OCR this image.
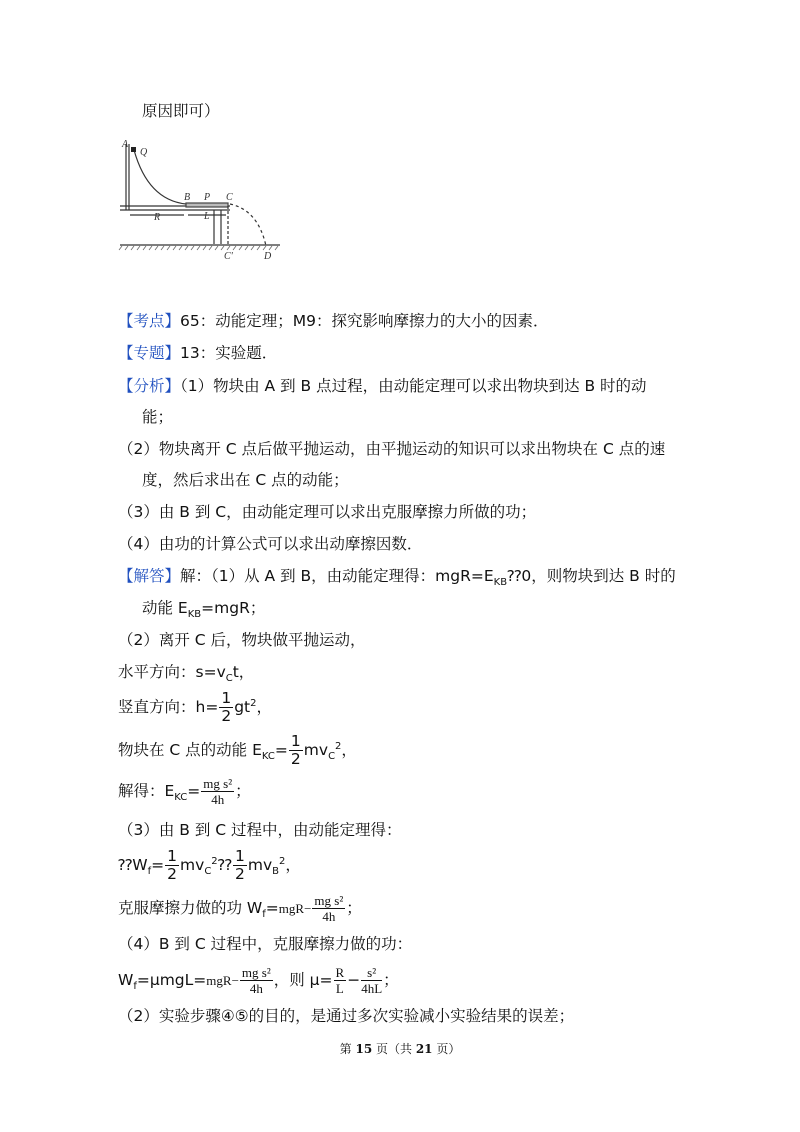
原因即可）
A
Q
B P C
R	L
C'	D
【考点】65：动能定理；M9：探究影响摩擦力的大小的因素．
【专题】13：实验题．
【分析】（1）物块由 A 到 B 点过程，由动能定理可以求出物块到达 B 时的动
能；
（2）物块离开 C 点后做平抛运动，由平抛运动的知识可以求出物块在 C 点的速
度，然后求出在 C 点的动能；
（3）由 B 到 C，由动能定理可以求出克服摩擦力所做的功；
（4）由功的计算公式可以求出动摩擦因数．
【解答】解：（1）从 A 到 B，由动能定理得：$mgR=E_{KB}⁇0$，则物块到达 B 时的
动能 $E_{KB}=mgR$；
（2）离开 C 后，物块做平抛运动，
水平方向：$s=v_Ct$，
竖直方向：$h= \frac{1}{2} gt^2$，
物块在 C 点的动能 $E_{KC}= \frac{1}{2} mv_C^2$，
解得：$E_{KC}= \frac{\text{mg s²}}{4h}$ ；
（3）由 B 到 C 过程中，由动能定理得：
$⁇W_f= \frac{1}{2}$ $mv_C^2⁇ \frac{1}{2} mv_B^2$，
克服摩擦力做的功 $W_f=mgR- \frac{\text{mg s²}}{4h}$ ；
（4）B 到 C 过程中，克服摩擦力做的功：
$W_f=\mu mgL=mgR- \frac{\text{mg s²}}{4h}$ ，则 $\mu= \frac{R}{L} - \frac{\text{s²}}{4hL}$ ；
（2）实验步骤④⑤的目的，是通过多次实验减小实验结果的误差；
第 15 页（共 21 页）
